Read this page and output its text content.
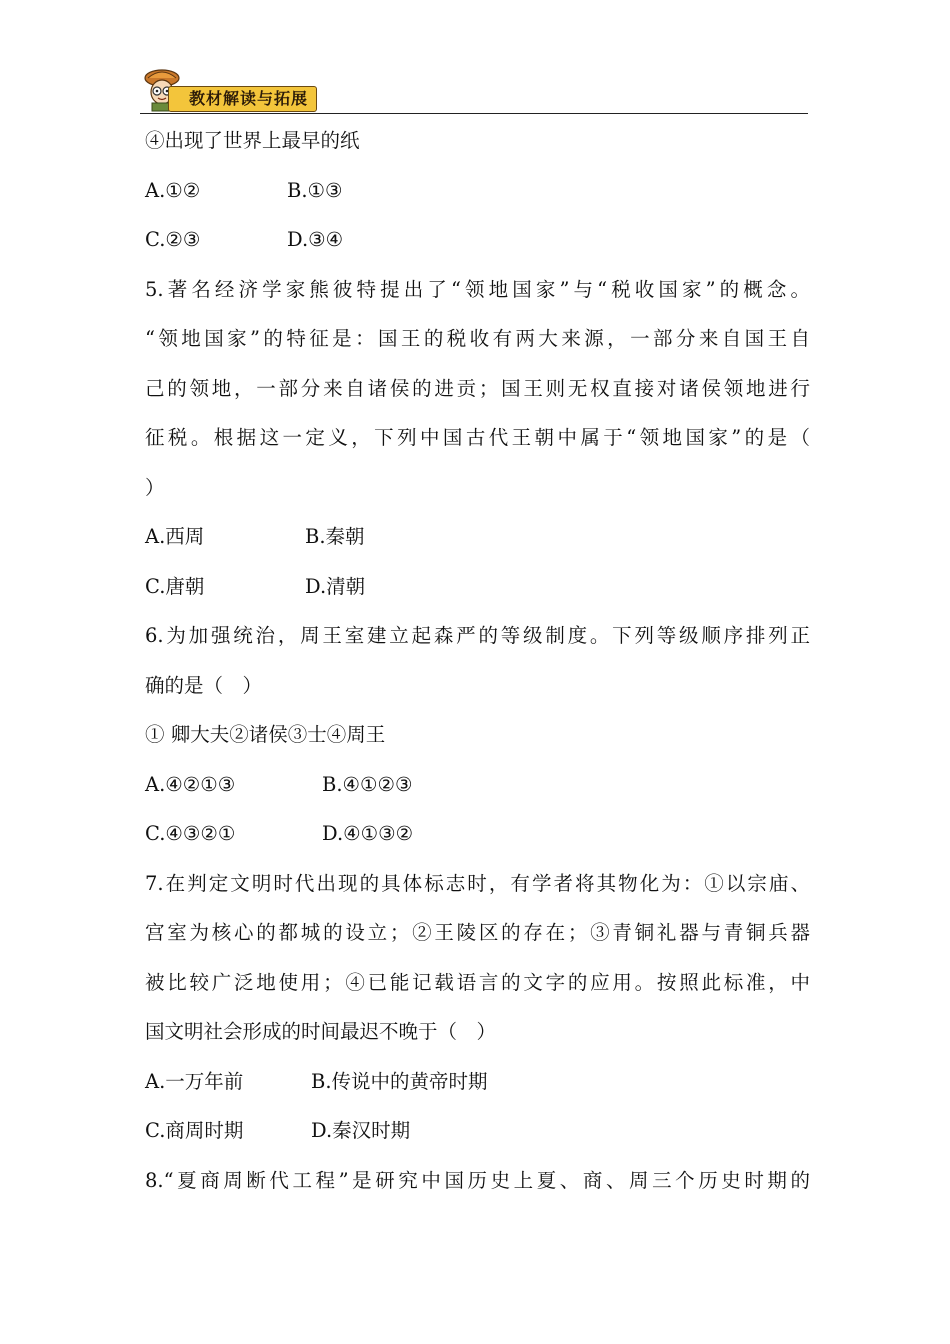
教材解读与拓展
④出现了世界上最早的纸
A.①②	B.①③
C.②③	D.③④
5.著名经济学家熊彼特提出了“领地国家”与“税收国家”的概念。
“领地国家”的特征是：国王的税收有两大来源，一部分来自国王自
己的领地，一部分来自诸侯的进贡；国王则无权直接对诸侯领地进行
征税。根据这一定义，下列中国古代王朝中属于“领地国家”的是（
）
A.西周	B.秦朝
C.唐朝	D.清朝
6.为加强统治，周王室建立起森严的等级制度。下列等级顺序排列正
确的是（　）
① 卿大夫②诸侯③士④周王
A.④②①③	B.④①②③
C.④③②①	D.④①③②
7.在判定文明时代出现的具体标志时，有学者将其物化为：①以宗庙、
宫室为核心的都城的设立；②王陵区的存在；③青铜礼器与青铜兵器
被比较广泛地使用；④已能记载语言的文字的应用。按照此标准，中
国文明社会形成的时间最迟不晚于（　）
A.一万年前	B.传说中的黄帝时期
C.商周时期	D.秦汉时期
8.“夏商周断代工程”是研究中国历史上夏、商、周三个历史时期的
